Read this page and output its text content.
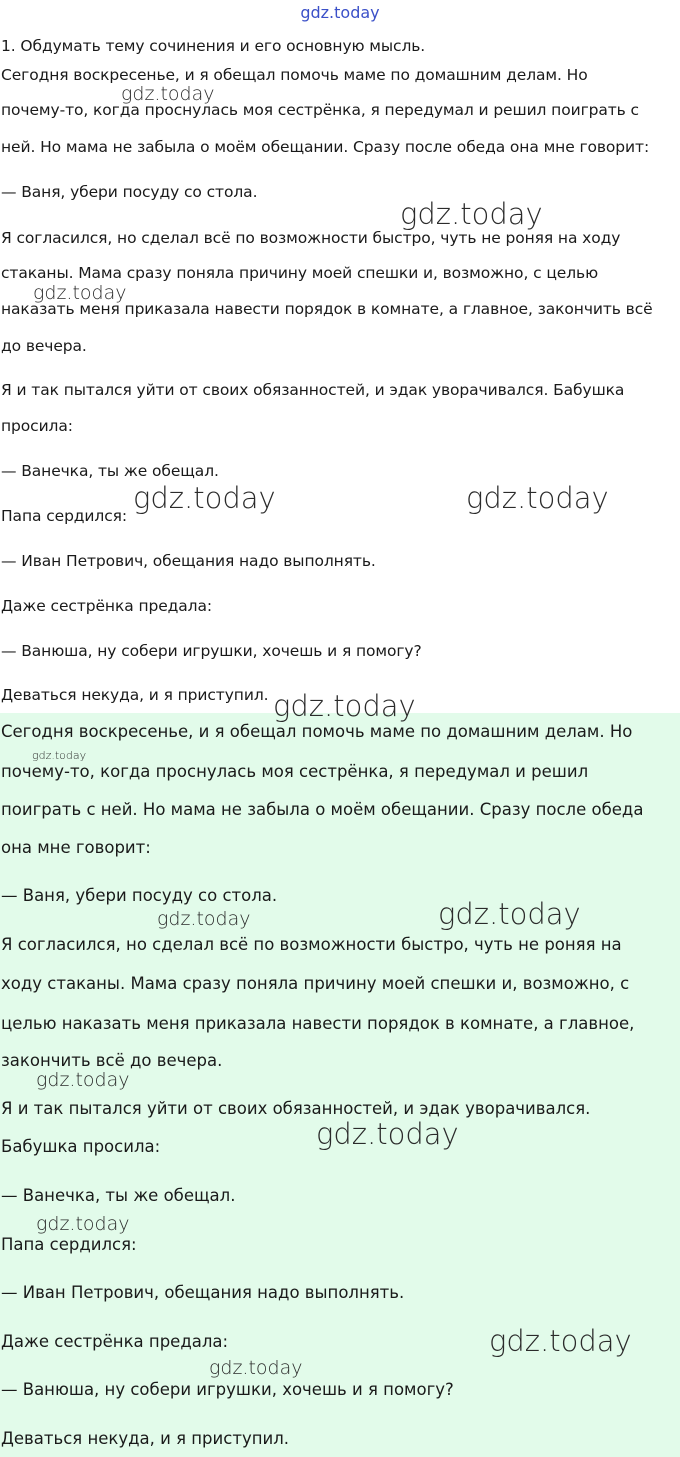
gdz.today
1. Обдумать тему сочинения и его основную мысль.
Сегодня воскресенье, и я обещал помочь маме по домашним делам. Но
почему-то, когда проснулась моя сестрёнка, я передумал и решил поиграть с
ней. Но мама не забыла о моём обещании. Сразу после обеда она мне говорит:
— Ваня, убери посуду со стола.
Я согласился, но сделал всё по возможности быстро, чуть не роняя на ходу
стаканы. Мама сразу поняла причину моей спешки и, возможно, с целью
наказать меня приказала навести порядок в комнате, а главное, закончить всё
до вечера.
Я и так пытался уйти от своих обязанностей, и эдак уворачивался. Бабушка
просила:
— Ванечка, ты же обещал.
Папа сердился:
— Иван Петрович, обещания надо выполнять.
Даже сестрёнка предала:
— Ванюша, ну собери игрушки, хочешь и я помогу?
Деваться некуда, и я приступил.
Сегодня воскресенье, и я обещал помочь маме по домашним делам. Но
почему-то, когда проснулась моя сестрёнка, я передумал и решил
поиграть с ней. Но мама не забыла о моём обещании. Сразу после обеда
она мне говорит:
— Ваня, убери посуду со стола.
Я согласился, но сделал всё по возможности быстро, чуть не роняя на
ходу стаканы. Мама сразу поняла причину моей спешки и, возможно, с
целью наказать меня приказала навести порядок в комнате, а главное,
закончить всё до вечера.
Я и так пытался уйти от своих обязанностей, и эдак уворачивался.
Бабушка просила:
— Ванечка, ты же обещал.
Папа сердился:
— Иван Петрович, обещания надо выполнять.
Даже сестрёнка предала:
— Ванюша, ну собери игрушки, хочешь и я помогу?
Деваться некуда, и я приступил.
gdz.today
gdz.today
gdz.today
gdz.today	gdz.today
gdz.today
gdz.today
gdz.today	gdz.today
gdz.today
gdz.today
gdz.today
gdz.today
gdz.today
